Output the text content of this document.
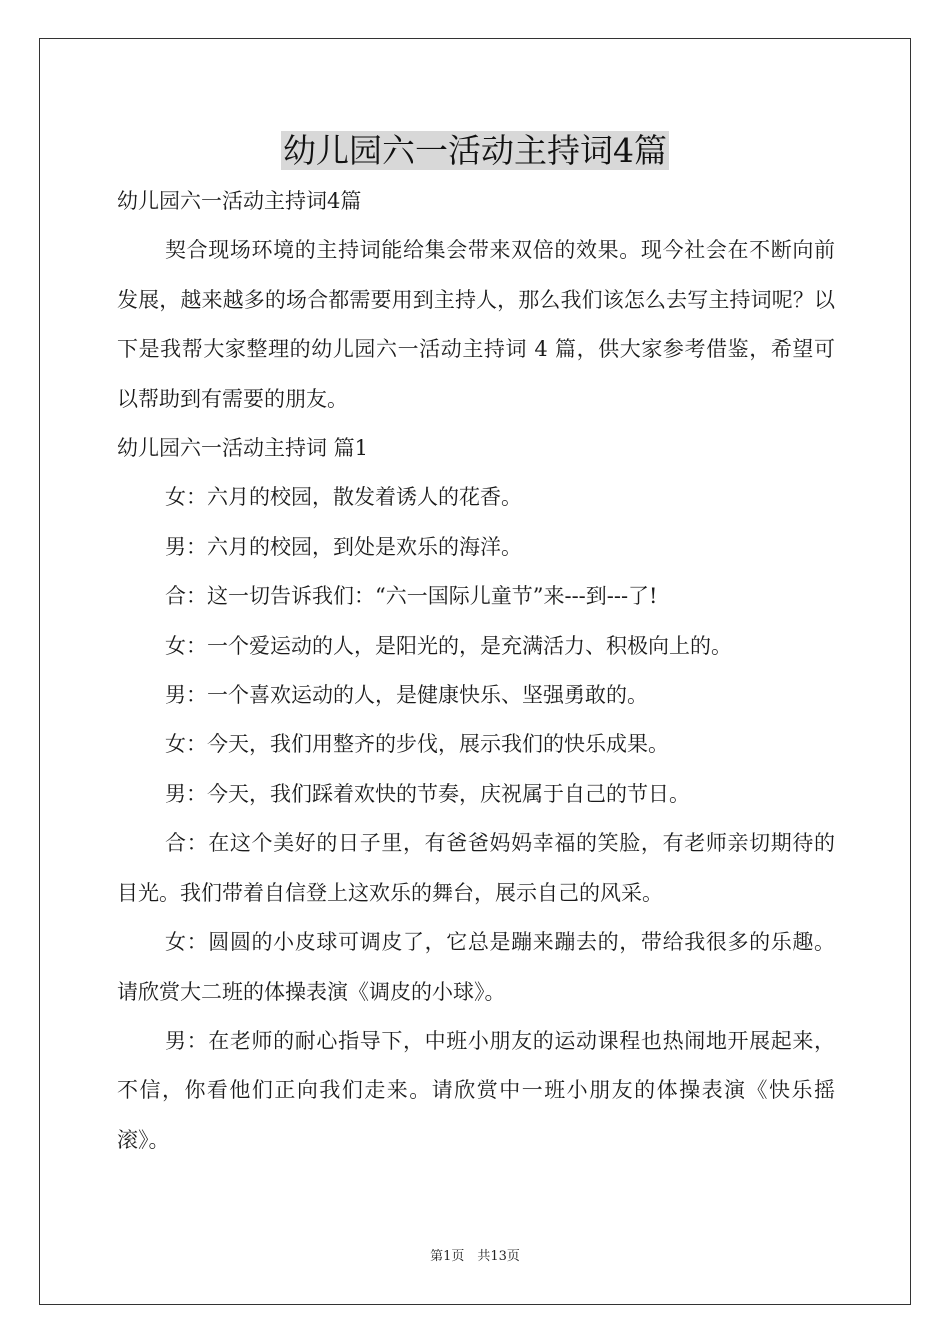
幼儿园六一活动主持词4篇

幼儿园六一活动主持词4篇

契合现场环境的主持词能给集会带来双倍的效果。现今社会在不断向前发展，越来越多的场合都需要用到主持人，那么我们该怎么去写主持词呢？以下是我帮大家整理的幼儿园六一活动主持词 4 篇，供大家参考借鉴，希望可以帮助到有需要的朋友。

幼儿园六一活动主持词 篇1

女：六月的校园，散发着诱人的花香。

男：六月的校园，到处是欢乐的海洋。

合：这一切告诉我们：“六一国际儿童节”来---到---了!

女：一个爱运动的人，是阳光的，是充满活力、积极向上的。

男：一个喜欢运动的人，是健康快乐、坚强勇敢的。

女：今天，我们用整齐的步伐，展示我们的快乐成果。

男：今天，我们踩着欢快的节奏，庆祝属于自己的节日。

合：在这个美好的日子里，有爸爸妈妈幸福的笑脸，有老师亲切期待的目光。我们带着自信登上这欢乐的舞台，展示自己的风采。

女：圆圆的小皮球可调皮了，它总是蹦来蹦去的，带给我很多的乐趣。请欣赏大二班的体操表演《调皮的小球》。

男：在老师的耐心指导下，中班小朋友的运动课程也热闹地开展起来，不信，你看他们正向我们走来。请欣赏中一班小朋友的体操表演《快乐摇滚》。

第1页　共13页
